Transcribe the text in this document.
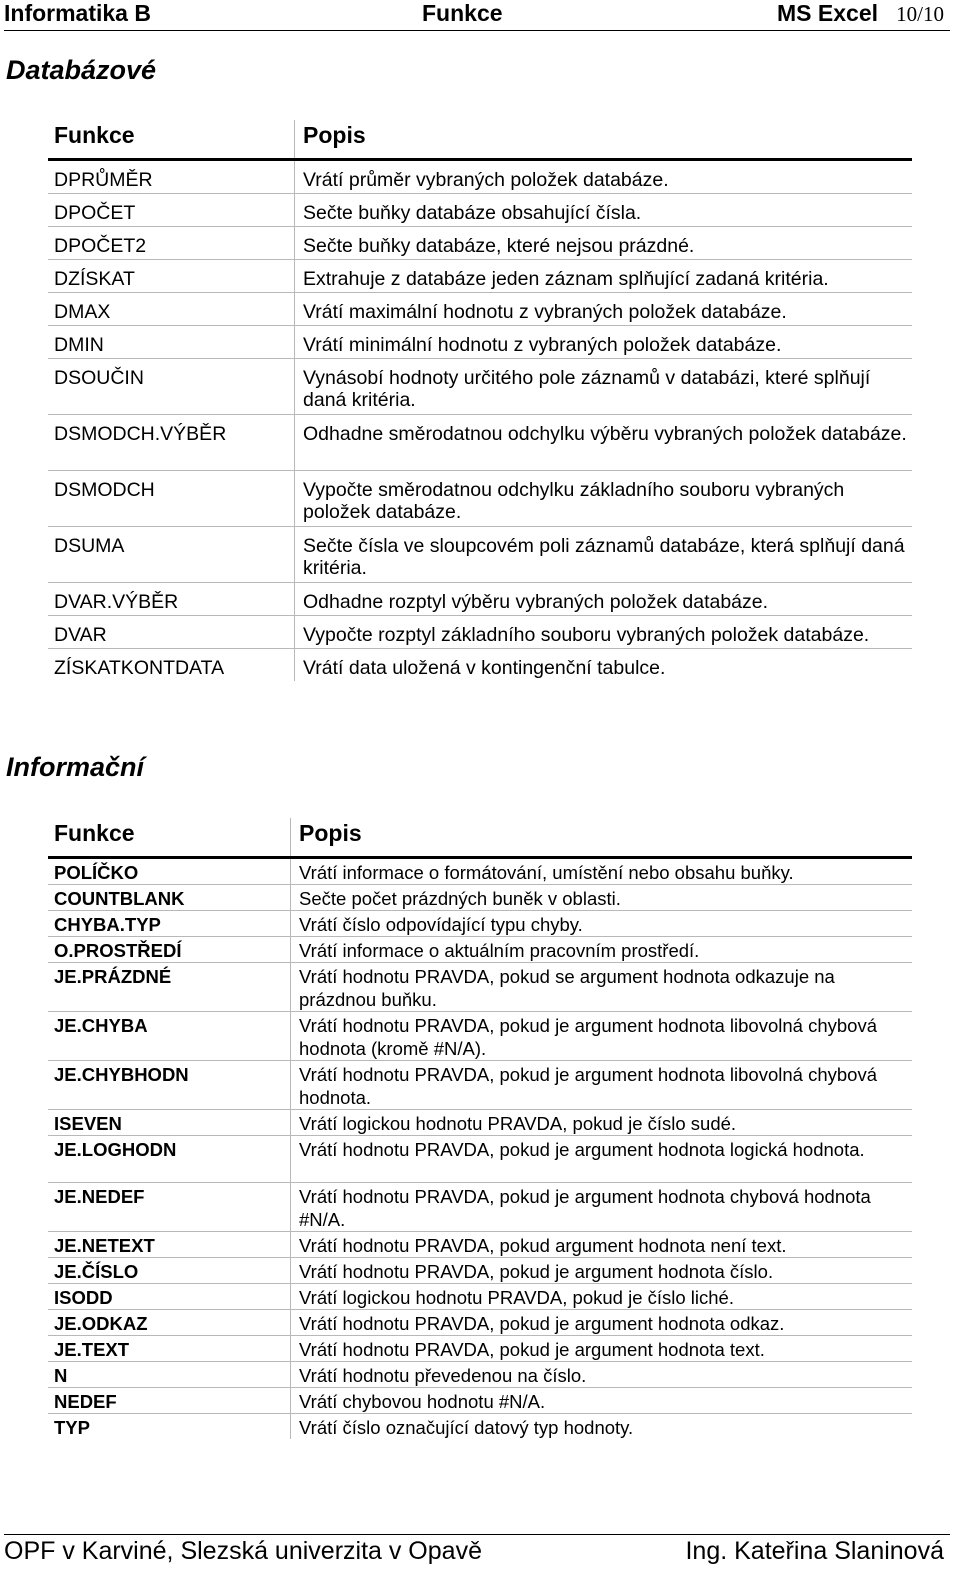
Informatika B	Funkce	MS Excel 10/10
Databázové
Funkce	Popis
DPRŮMĚR	Vrátí průměr vybraných položek databáze.
DPOČET	Sečte buňky databáze obsahující čísla.
DPOČET2	Sečte buňky databáze, které nejsou prázdné.
DZÍSKAT	Extrahuje z databáze jeden záznam splňující zadaná kritéria.
DMAX	Vrátí maximální hodnotu z vybraných položek databáze.
DMIN	Vrátí minimální hodnotu z vybraných položek databáze.
DSOUČIN	Vynásobí hodnoty určitého pole záznamů v databázi, které splňují daná kritéria.
DSMODCH.VÝBĚR	Odhadne směrodatnou odchylku výběru vybraných položek databáze.
DSMODCH	Vypočte směrodatnou odchylku základního souboru vybraných položek databáze.
DSUMA	Sečte čísla ve sloupcovém poli záznamů databáze, která splňují daná kritéria.
DVAR.VÝBĚR	Odhadne rozptyl výběru vybraných položek databáze.
DVAR	Vypočte rozptyl základního souboru vybraných položek databáze.
ZÍSKATKONTDATA	Vrátí data uložená v kontingenční tabulce.
Informační
Funkce	Popis
POLÍČKO	Vrátí informace o formátování, umístění nebo obsahu buňky.
COUNTBLANK	Sečte počet prázdných buněk v oblasti.
CHYBA.TYP	Vrátí číslo odpovídající typu chyby.
O.PROSTŘEDÍ	Vrátí informace o aktuálním pracovním prostředí.
JE.PRÁZDNÉ	Vrátí hodnotu PRAVDA, pokud se argument hodnota odkazuje na prázdnou buňku.
JE.CHYBA	Vrátí hodnotu PRAVDA, pokud je argument hodnota libovolná chybová hodnota (kromě #N/A).
JE.CHYBHODN	Vrátí hodnotu PRAVDA, pokud je argument hodnota libovolná chybová hodnota.
ISEVEN	Vrátí logickou hodnotu PRAVDA, pokud je číslo sudé.
JE.LOGHODN	Vrátí hodnotu PRAVDA, pokud je argument hodnota logická hodnota.
JE.NEDEF	Vrátí hodnotu PRAVDA, pokud je argument hodnota chybová hodnota #N/A.
JE.NETEXT	Vrátí hodnotu PRAVDA, pokud argument hodnota není text.
JE.ČÍSLO	Vrátí hodnotu PRAVDA, pokud je argument hodnota číslo.
ISODD	Vrátí logickou hodnotu PRAVDA, pokud je číslo liché.
JE.ODKAZ	Vrátí hodnotu PRAVDA, pokud je argument hodnota odkaz.
JE.TEXT	Vrátí hodnotu PRAVDA, pokud je argument hodnota text.
N	Vrátí hodnotu převedenou na číslo.
NEDEF	Vrátí chybovou hodnotu #N/A.
TYP	Vrátí číslo označující datový typ hodnoty.
OPF v Karviné, Slezská univerzita v Opavě	Ing. Kateřina Slaninová
